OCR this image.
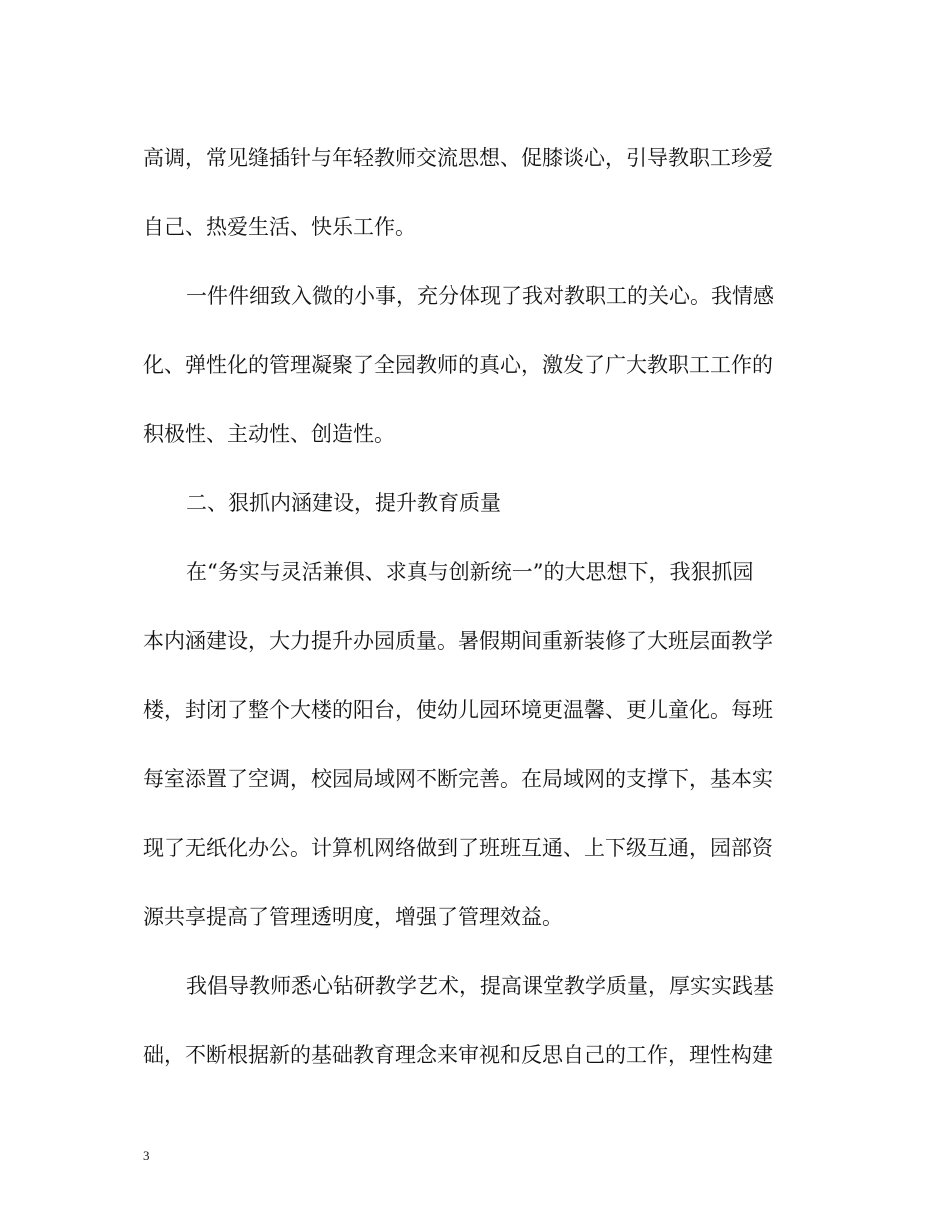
高调，常见缝插针与年轻教师交流思想、促膝谈心，引导教职工珍爱
自己、热爱生活、快乐工作。
一件件细致入微的小事，充分体现了我对教职工的关心。我情感
化、弹性化的管理凝聚了全园教师的真心，激发了广大教职工工作的
积极性、主动性、创造性。
二、狠抓内涵建设，提升教育质量
在“务实与灵活兼俱、求真与创新统一”的大思想下，我狠抓园
本内涵建设，大力提升办园质量。暑假期间重新装修了大班层面教学
楼，封闭了整个大楼的阳台，使幼儿园环境更温馨、更儿童化。每班
每室添置了空调，校园局域网不断完善。在局域网的支撑下，基本实
现了无纸化办公。计算机网络做到了班班互通、上下级互通，园部资
源共享提高了管理透明度，增强了管理效益。
我倡导教师悉心钻研教学艺术，提高课堂教学质量，厚实实践基
础，不断根据新的基础教育理念来审视和反思自己的工作，理性构建
3
